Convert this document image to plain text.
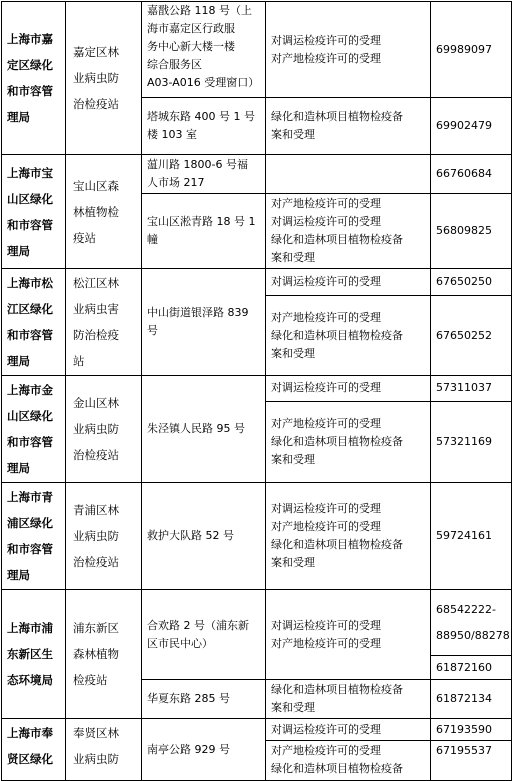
上海市嘉
定区绿化
和市容管
理局	嘉定区林
业病虫防
治检疫站	嘉戬公路 118 号（上
海市嘉定区行政服
务中心新大楼一楼
综合服务区
A03-A016 受理窗口）	对调运检疫许可的受理
对产地检疫许可的受理	69989097

		塔城东路 400 号 1 号
楼 103 室	绿化和造林项目植物检疫备
案和受理	69902479

上海市宝
山区绿化
和市容管
理局	宝山区森
林植物检
疫站	蕰川路 1800-6 号福
人市场 217		66760684

		宝山区淞青路 18 号 1
幢	对产地检疫许可的受理
对调运检疫许可的受理
绿化和造林项目植物检疫备
案和受理	56809825

上海市松
江区绿化
和市容管
理局	松江区林
业病虫害
防治检疫
站	中山街道银泽路 839
号	对调运检疫许可的受理	67650250

			对产地检疫许可的受理
绿化和造林项目植物检疫备
案和受理	67650252

上海市金
山区绿化
和市容管
理局	金山区林
业病虫防
治检疫站	朱泾镇人民路 95 号	对调运检疫许可的受理	57311037

			对产地检疫许可的受理
绿化和造林项目植物检疫备
案和受理	57321169

上海市青
浦区绿化
和市容管
理局	青浦区林
业病虫防
治检疫站	救护大队路 52 号	对调运检疫许可的受理
对产地检疫许可的受理
绿化和造林项目植物检疫备
案和受理	59724161

上海市浦
东新区生
态环境局	浦东新区
森林植物
检疫站	合欢路 2 号（浦东新
区市民中心）	对调运检疫许可的受理
对产地检疫许可的受理	68542222-
88950/88278

				61872160

		华夏东路 285 号	绿化和造林项目植物检疫备
案和受理	61872134

上海市奉
贤区绿化	奉贤区林
业病虫防	南亭公路 929 号	对调运检疫许可的受理	67193590

			对产地检疫许可的受理
绿化和造林项目植物检疫备	67195537
